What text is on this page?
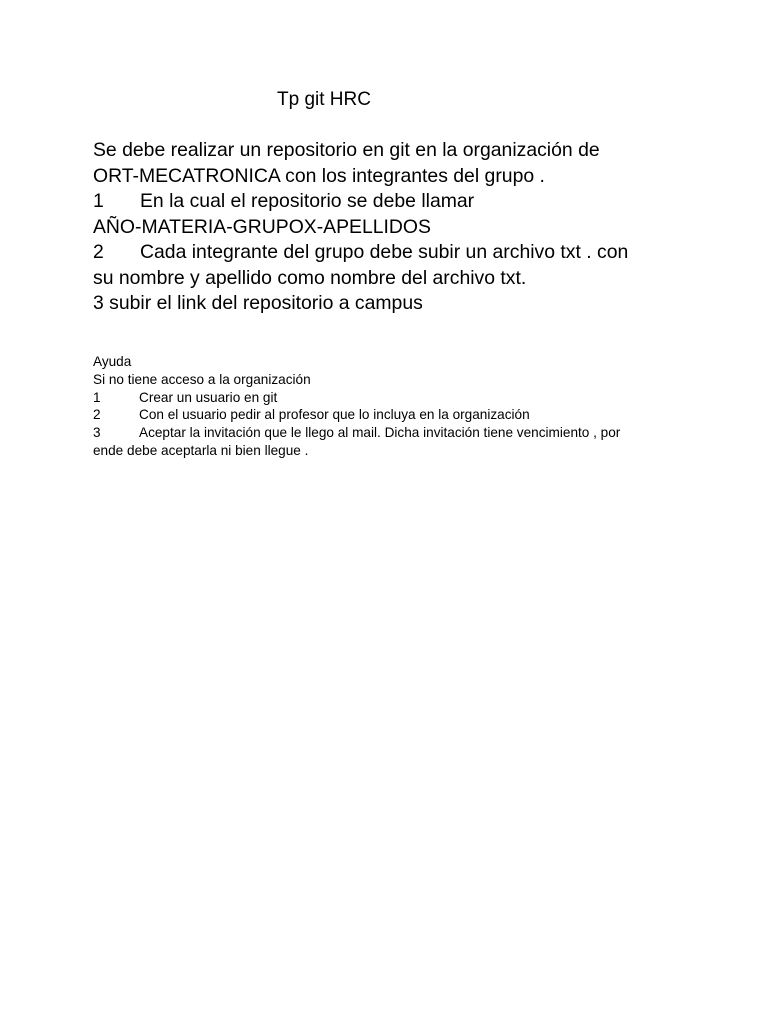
Tp git HRC
Se debe realizar un repositorio en git en la organización de
ORT-MECATRONICA con los integrantes del grupo .
1 En la cual el repositorio se debe llamar
AÑO-MATERIA-GRUPOX-APELLIDOS
2 Cada integrante del grupo debe subir un archivo txt . con
su nombre y apellido como nombre del archivo txt.
3 subir el link del repositorio a campus
Ayuda
Si no tiene acceso a la organización
1	Crear un usuario en git
2	Con el usuario pedir al profesor que lo incluya en la organización
3	Aceptar la invitación que le llego al mail. Dicha invitación tiene vencimiento , por
ende debe aceptarla ni bien llegue .
